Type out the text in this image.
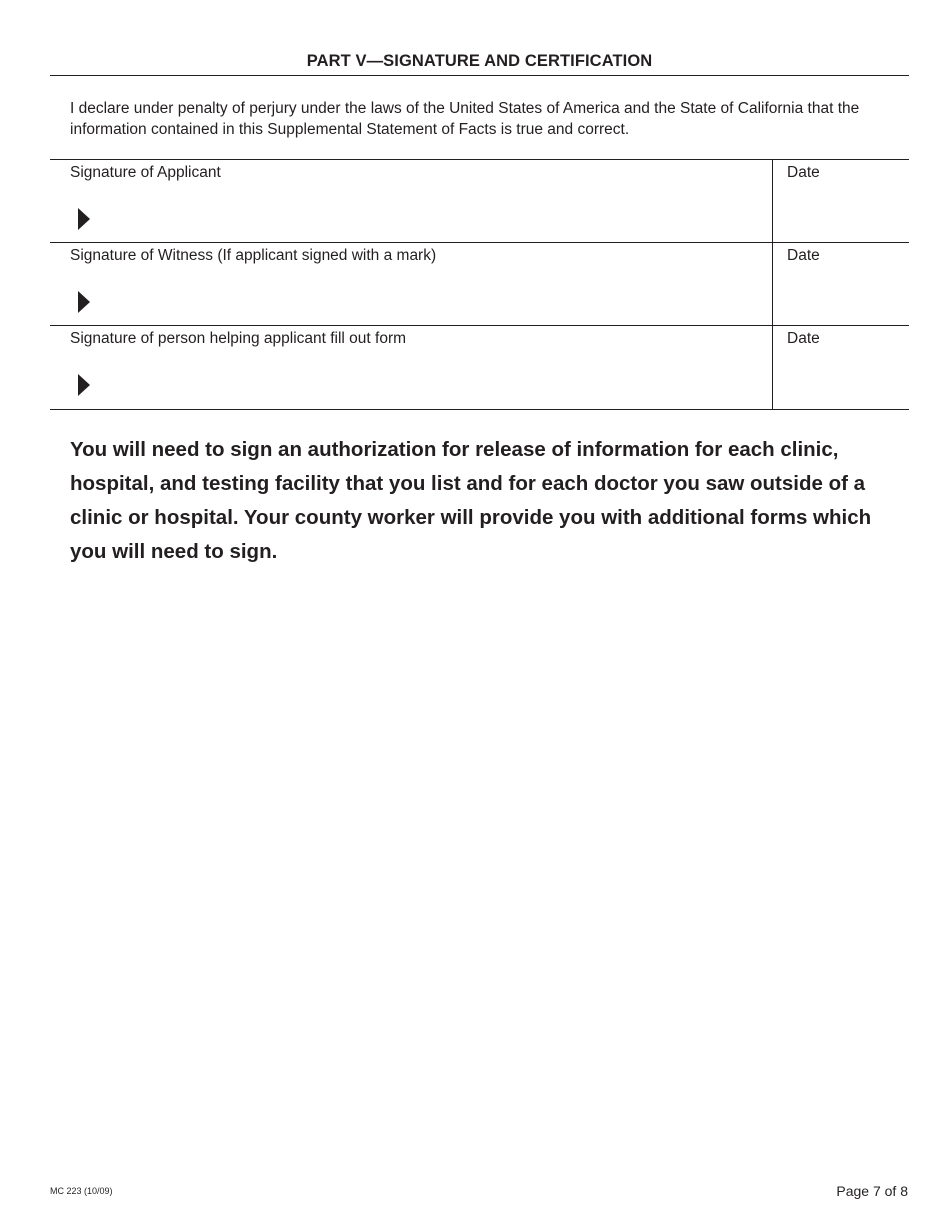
PART V—SIGNATURE AND CERTIFICATION
I declare under penalty of perjury under the laws of the United States of America and the State of California that the information contained in this Supplemental Statement of Facts is true and correct.
Signature of Applicant	Date
Signature of Witness (If applicant signed with a mark)	Date
Signature of person helping applicant fill out form	Date
You will need to sign an authorization for release of information for each clinic, hospital, and testing facility that you list and for each doctor you saw outside of a clinic or hospital. Your county worker will provide you with additional forms which you will need to sign.
MC 223 (10/09)	Page 7 of 8
